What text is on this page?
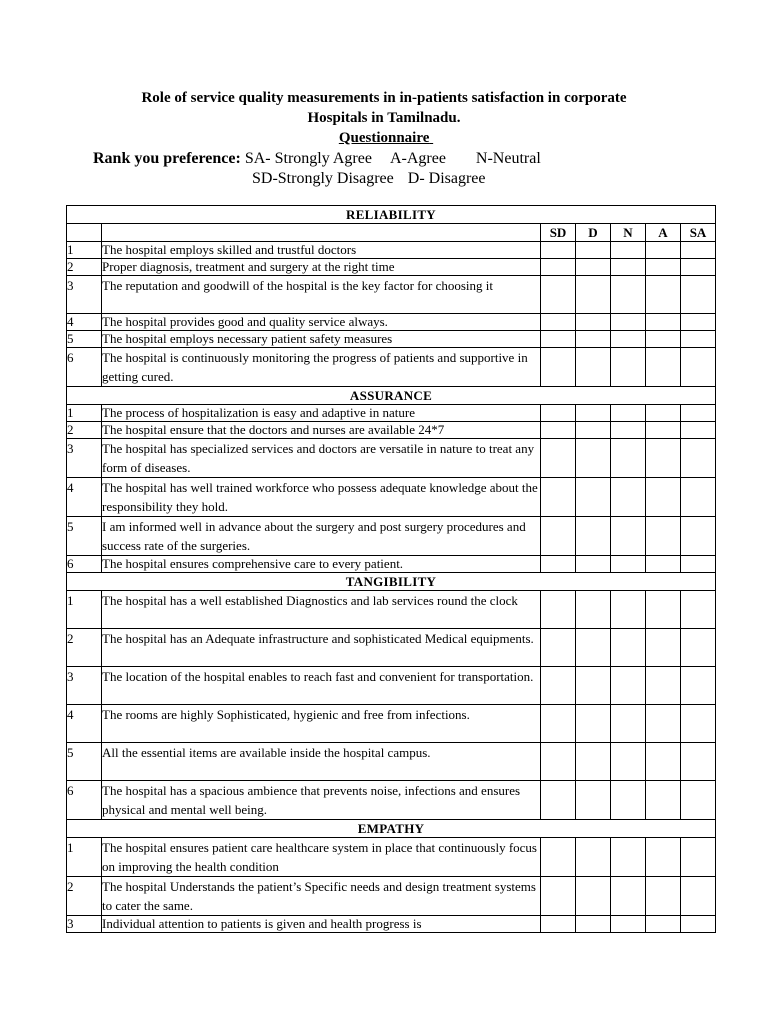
Role of service quality measurements in in-patients satisfaction in corporate
Hospitals in Tamilnadu.
Questionnaire
Rank you preference: SA- Strongly Agree A-Agree N-Neutral
SD-Strongly Disagree D- Disagree
RELIABILITY						
		SD	D	N	A	SA
1	The hospital employs skilled and trustful doctors					
2	Proper diagnosis, treatment and surgery at the right time					
3	The reputation and goodwill of the hospital is the key factor for choosing it					
4	The hospital provides good and quality service always.					
5	The hospital employs necessary patient safety measures					
6	The hospital is continuously monitoring the progress of patients and supportive in getting cured.					
ASSURANCE						
1	The process of hospitalization is easy and adaptive in nature					
2	The hospital ensure that the doctors and nurses are available 24*7					
3	The hospital has specialized services and doctors are versatile in nature to treat any form of diseases.					
4	The hospital has well trained workforce who possess adequate knowledge about the responsibility they hold.					
5	I am informed well in advance about the surgery and post surgery procedures and success rate of the surgeries.					
6	The hospital ensures comprehensive care to every patient.					
TANGIBILITY						
1	The hospital has a well established Diagnostics and lab services round the clock					
2	The hospital has an Adequate infrastructure and sophisticated Medical equipments.					
3	The location of the hospital enables to reach fast and convenient for transportation.					
4	The rooms are highly Sophisticated, hygienic and free from infections.					
5	All the essential items are available inside the hospital campus.					
6	The hospital has a spacious ambience that prevents noise, infections and ensures physical and mental well being.					
EMPATHY						
1	The hospital ensures patient care healthcare system in place that continuously focus on improving the health condition					
2	The hospital Understands the patient’s Specific needs and design treatment systems to cater the same.					
3	Individual attention to patients is given and health progress is					
